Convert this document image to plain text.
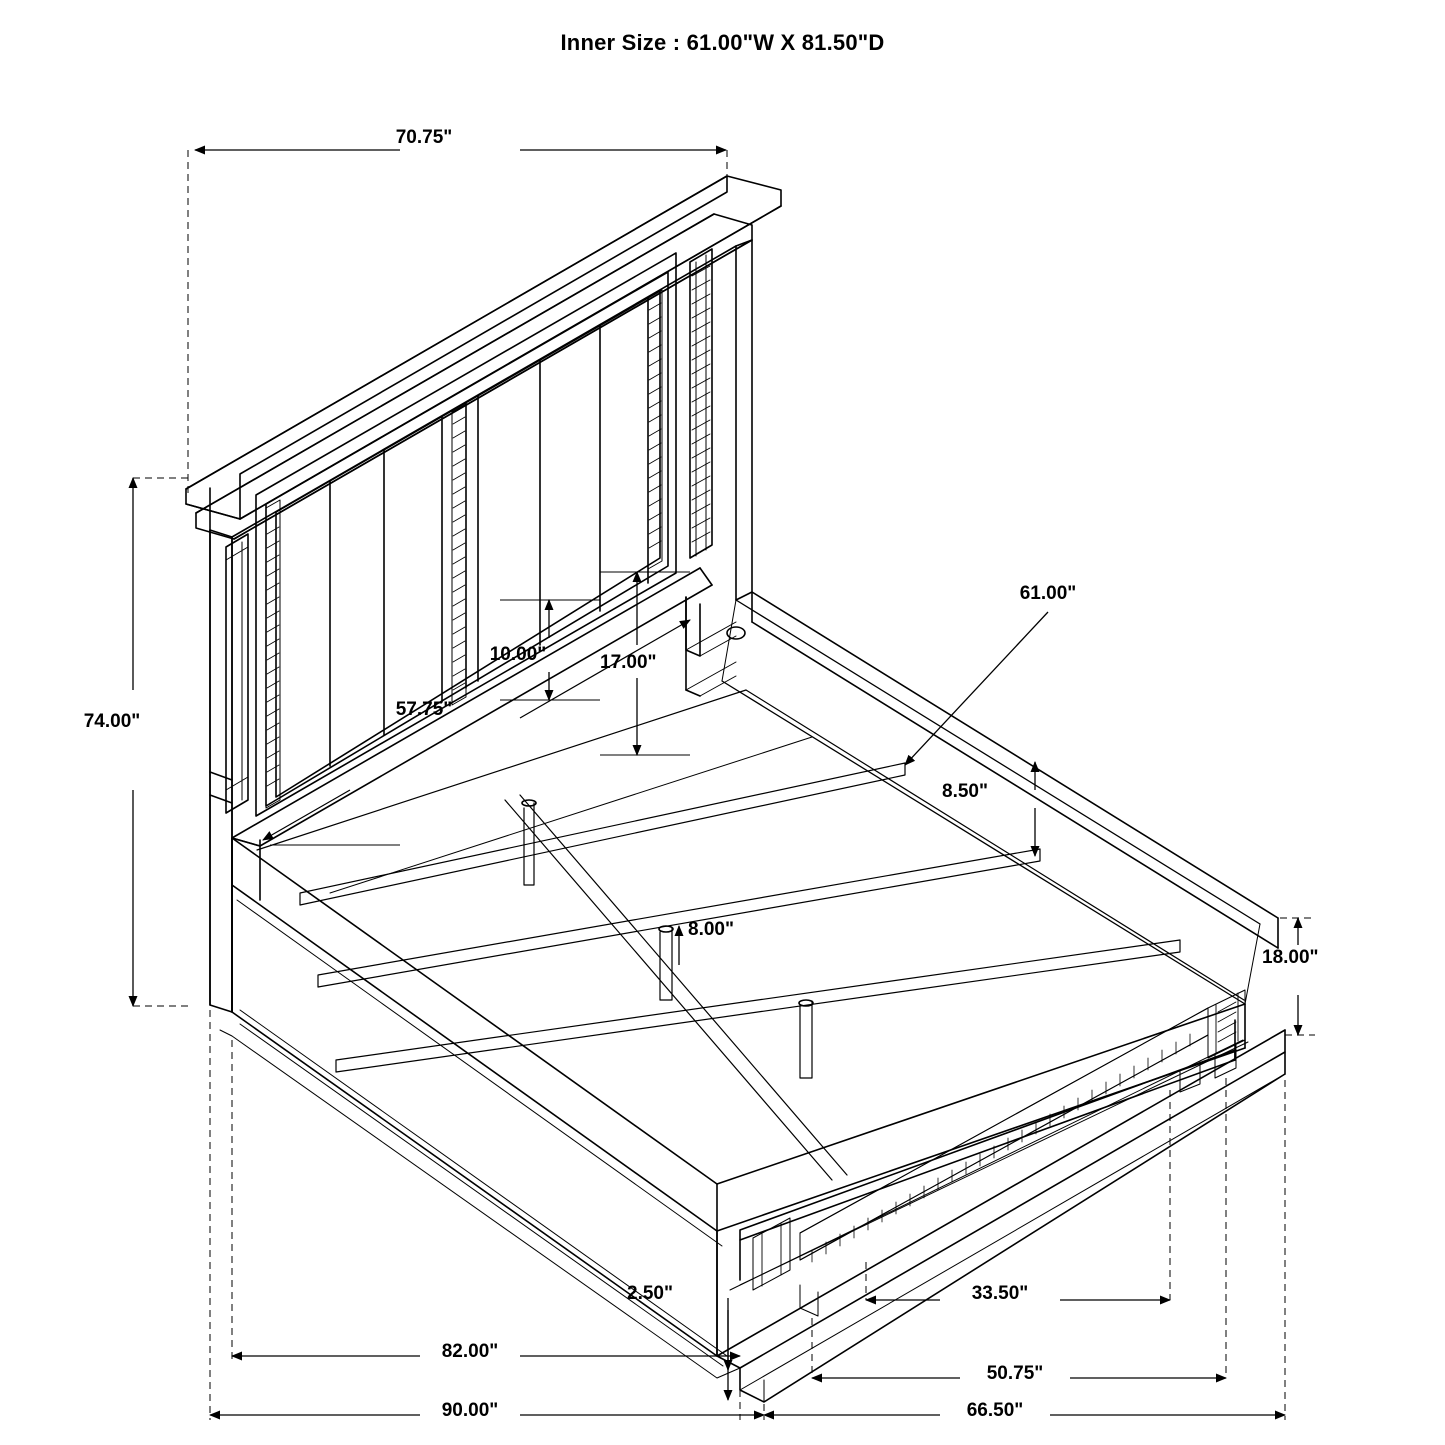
Inner Size : 61.00"W X 81.50"D
70.75"
74.00"
10.00"	17.00"
57.75"
61.00"
8.50"
8.00"
18.00"
2.50"	33.50"
82.00"
50.75"
90.00"	66.50"
